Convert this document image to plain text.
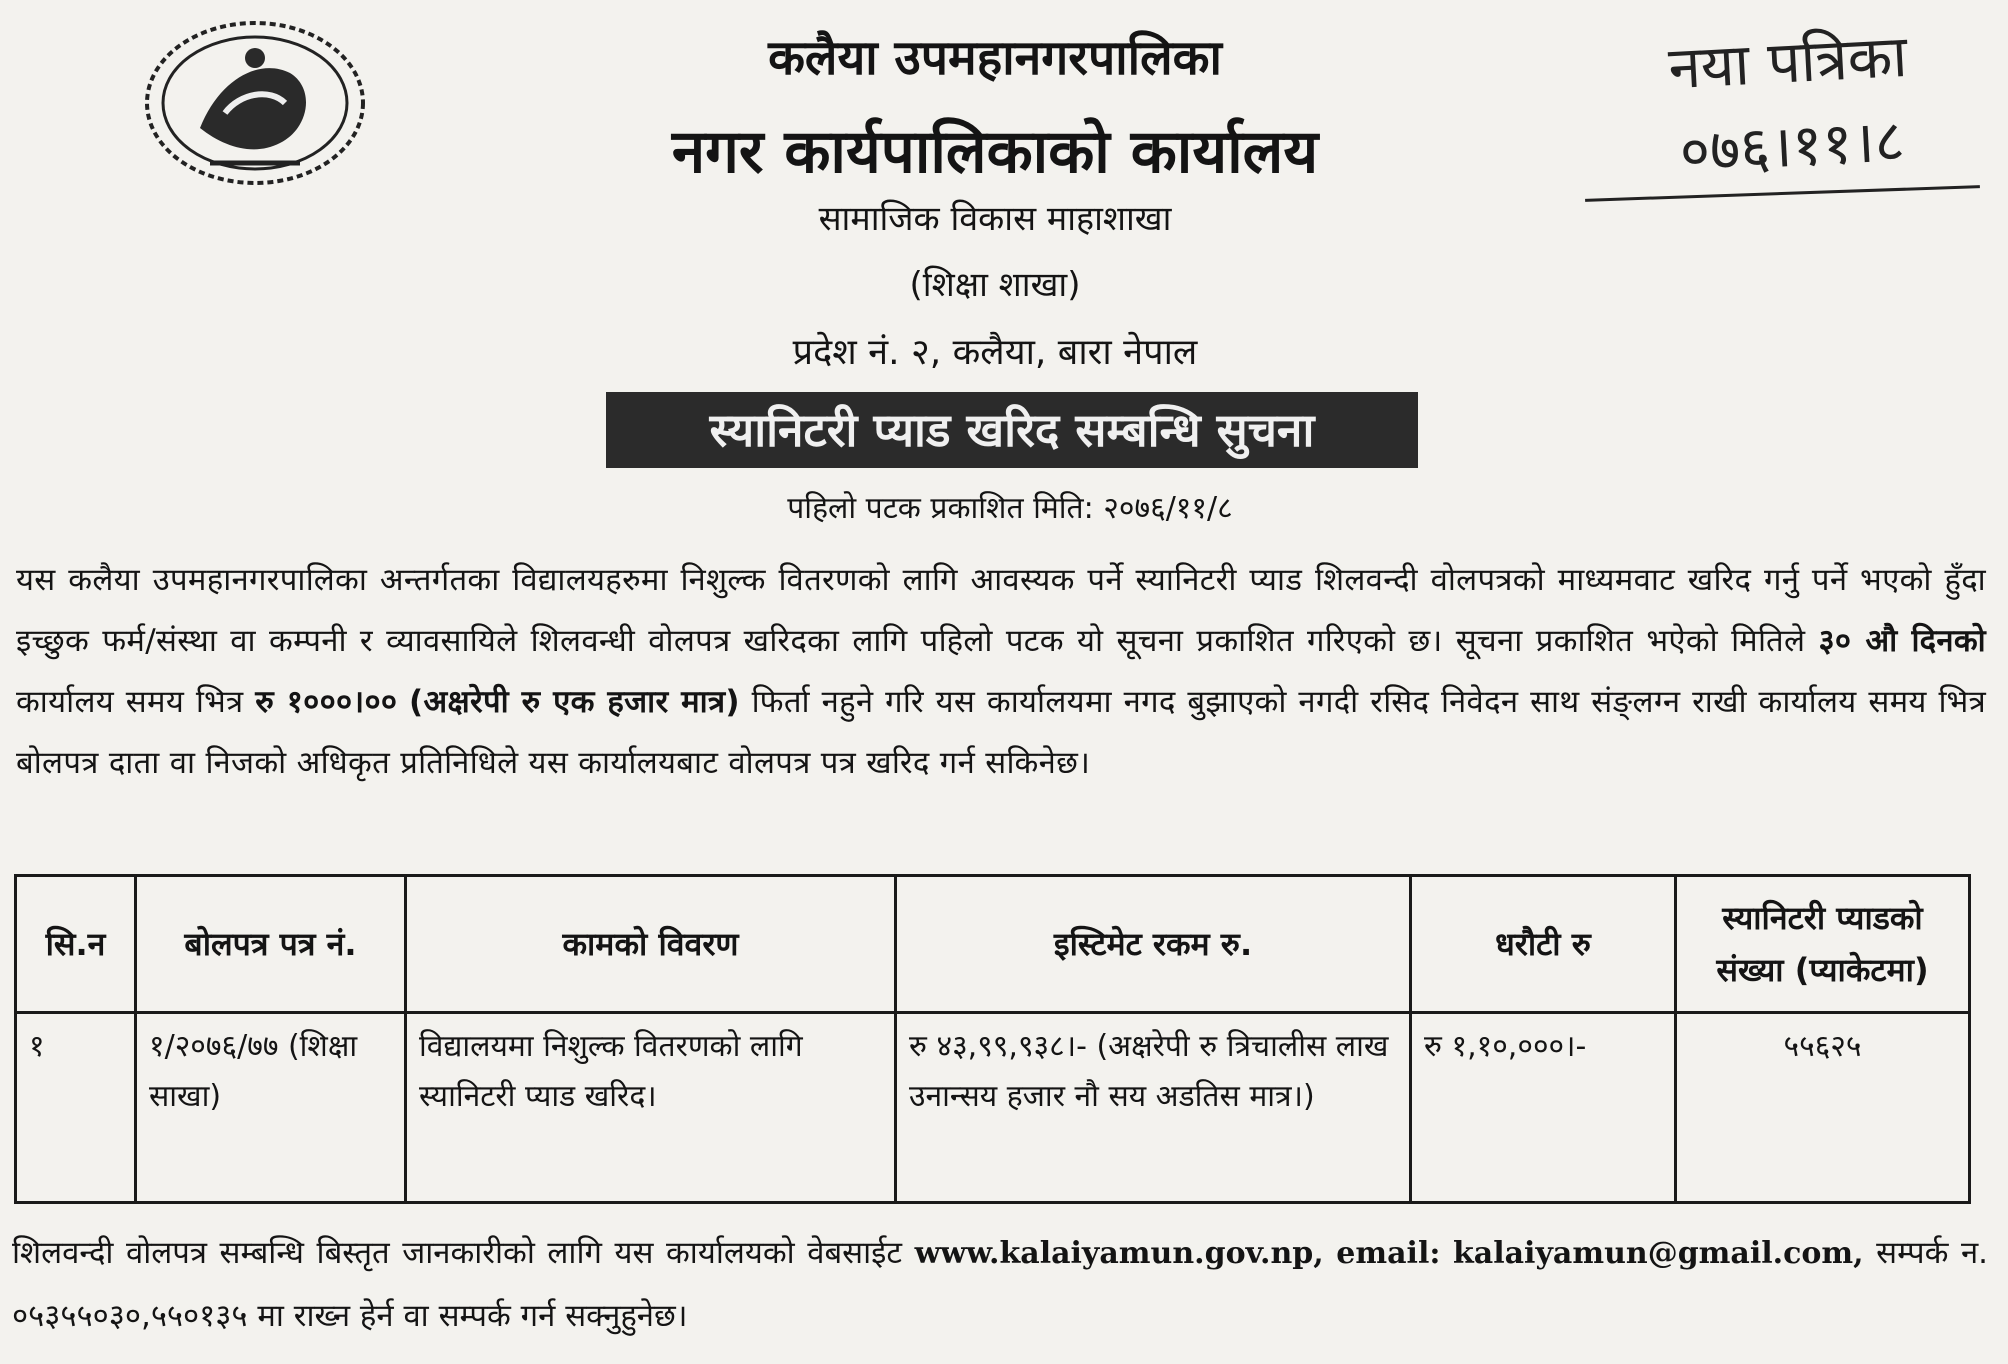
नया पत्रिका
०७६।११।८
कलैया उपमहानगरपालिका
नगर कार्यपालिकाको कार्यालय
सामाजिक विकास माहाशाखा
(शिक्षा शाखा)
प्रदेश नं. २, कलैया, बारा नेपाल
स्यानिटरी प्याड खरिद सम्बन्धि सुचना
पहिलो पटक प्रकाशित मिति: २०७६/११/८
यस कलैया उपमहानगरपालिका अन्तर्गतका विद्यालयहरुमा निशुल्क वितरणको लागि आवस्यक पर्ने स्यानिटरी प्याड शिलवन्दी वोलपत्रको माध्यमवाट खरिद गर्नु पर्ने भएको हुँदा इच्छुक फर्म/संस्था वा कम्पनी र व्यावसायिले शिलवन्धी वोलपत्र खरिदका लागि पहिलो पटक यो सूचना प्रकाशित गरिएको छ। सूचना प्रकाशित भऐको मितिले ३० औ दिनको कार्यालय समय भित्र रु १०००।०० (अक्षरेपी रु एक हजार मात्र) फिर्ता नहुने गरि यस कार्यालयमा नगद बुझाएको नगदी रसिद निवेदन साथ संङ्लग्न राखी कार्यालय समय भित्र बोलपत्र दाता वा निजको अधिकृत प्रतिनिधिले यस कार्यालयबाट वोलपत्र पत्र खरिद गर्न सकिनेछ।
सि.न	बोलपत्र पत्र नं.	कामको विवरण	इस्टिमेट रकम रु.	धरौटी रु	स्यानिटरी प्याडको संख्या (प्याकेटमा)
१	१/२०७६/७७ (शिक्षा साखा)	विद्यालयमा निशुल्क वितरणको लागि स्यानिटरी प्याड खरिद।	रु ४३,९९,९३८।- (अक्षरेपी रु त्रिचालीस लाख उनान्सय हजार नौ सय अडतिस मात्र।)	रु १,१०,०००।-	५५६२५
शिलवन्दी वोलपत्र सम्बन्धि बिस्तृत जानकारीको लागि यस कार्यालयको वेबसाईट www.kalaiyamun.gov.np, email: kalaiyamun@gmail.com, सम्पर्क न. ०५३५५०३०,५५०१३५ मा राख्न हेर्न वा सम्पर्क गर्न सक्नुहुनेछ।
